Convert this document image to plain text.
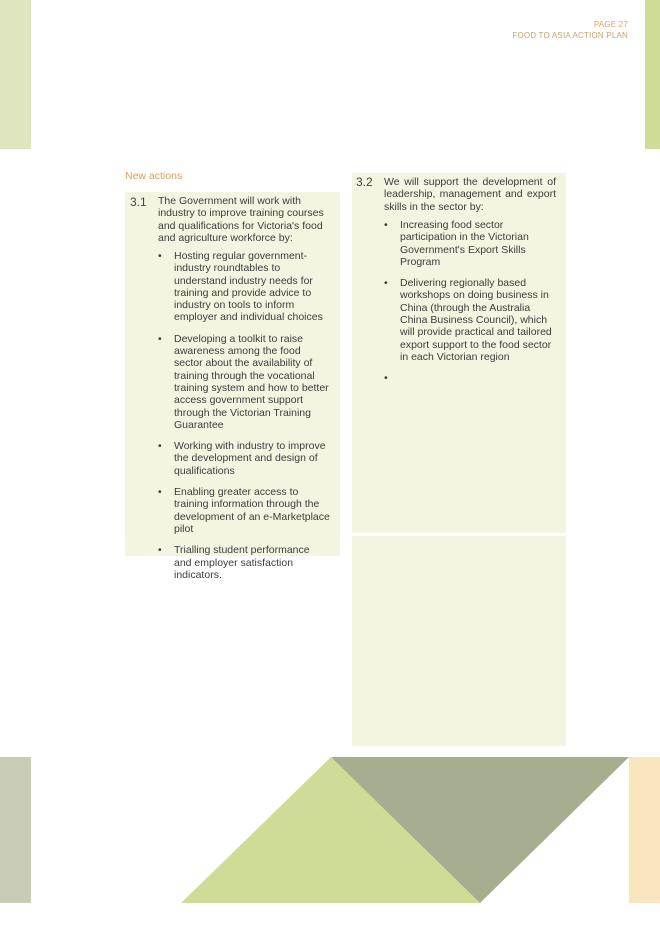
PAGE 27
FOOD TO ASIA ACTION PLAN
New actions
3.1 The Government will work with industry to improve training courses and qualifications for Victoria's food and agriculture workforce by:
• Hosting regular government-industry roundtables to understand industry needs for training and provide advice to industry on tools to inform employer and individual choices
• Developing a toolkit to raise awareness among the food sector about the availability of training through the vocational training system and how to better access government support through the Victorian Training Guarantee
• Working with industry to improve the development and design of qualifications
• Enabling greater access to training information through the development of an e-Marketplace pilot
• Trialling student performance and employer satisfaction indicators.
3.2 We will support the development of leadership, management and export skills in the sector by:
• Increasing food sector participation in the Victorian Government's Export Skills Program
• Delivering regionally based workshops on doing business in China (through the Australia China Business Council), which will provide practical and tailored export support to the food sector in each Victorian region
•
